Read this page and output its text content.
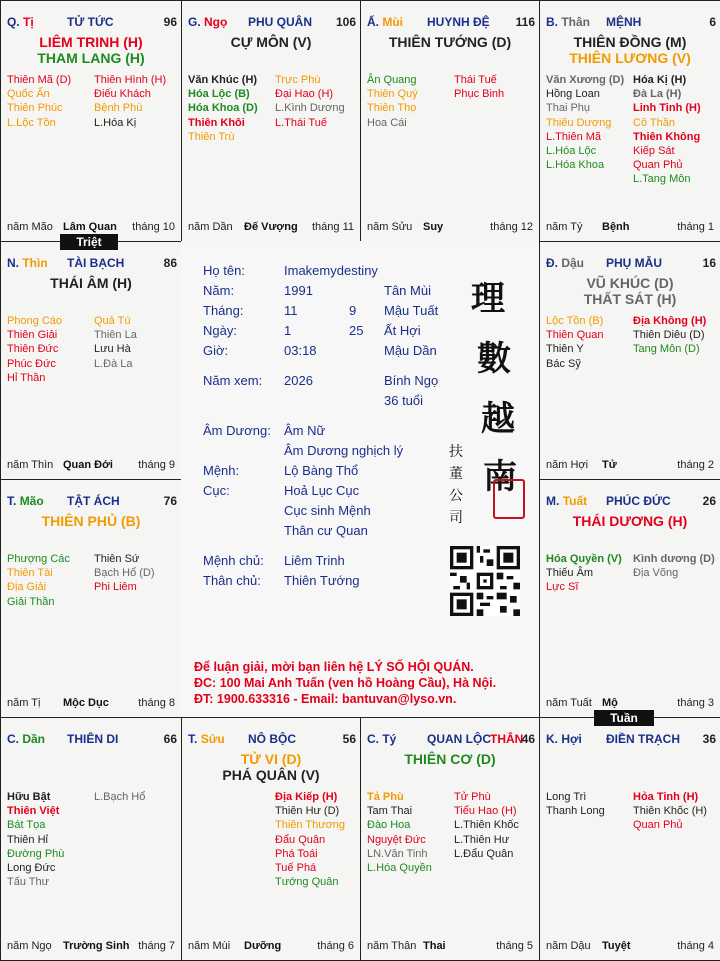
Q. Tị	TỬ TỨC	96
LIÊM TRINH (H)
THAM LANG (H)
Thiên Mã (D)
Quốc Ấn
Thiên Phúc
L.Lộc Tồn
Thiên Hình (H)
Điếu Khách
Bệnh Phù
L.Hóa Kị
năm Mão Lâm Quan tháng 10
G. Ngọ PHU QUÂN 106
CỰ MÔN (V)
Văn Khúc (H)
Hóa Lộc (B)
Hóa Khoa (D)
Thiên Khôi
Thiên Trù
Trực Phù
Đại Hao (H)
L.Kình Dương
L.Thái Tuế
năm Dần Đế Vượng tháng 11
Ấ. Mùi HUYNH ĐỆ 116
THIÊN TƯỚNG (D)
Ân Quang
Thiên Quý
Thiên Thọ
Hoa Cái
Thái Tuế
Phục Binh
năm Sửu Suy	tháng 12
B. Thân MỆNH	6
THIÊN ĐỒNG (M)
THIÊN LƯƠNG (V)
Văn Xương (D)
Hồng Loan
Thai Phụ
Thiếu Dương
L.Thiên Mã
L.Hóa Lộc
L.Hóa Khoa
Hóa Kị (H)
Đà La (H)
Linh Tinh (H)
Cô Thần
Thiên Không
Kiếp Sát
Quan Phủ
L.Tang Môn
năm Tý Bệnh	tháng 1
N. Thìn TÀI BẠCH	86
THÁI ÂM (H)
Phong Cáo
Thiên Giải
Thiên Đức
Phúc Đức
Hỉ Thần
Quả Tú
Thiên La
Lưu Hà
L.Đà La
năm Thìn Quan Đới tháng 9
Đ. Dậu PHỤ MẪU	16
VŨ KHÚC (D)
THẤT SÁT (H)
Lộc Tồn (B)
Thiên Quan
Thiên Y
Bác Sỹ
Địa Không (H)
Thiên Diêu (D)
Tang Môn (D)
năm Hợi Tử	tháng 2
T. Mão TẬT ÁCH	76
THIÊN PHỦ (B)
Phượng Các
Thiên Tài
Địa Giải
Giải Thần
Thiên Sứ
Bạch Hổ (D)
Phi Liêm
năm Tị Mộc Dục	tháng 8
M. Tuất PHÚC ĐỨC	26
THÁI DƯƠNG (H)
Hóa Quyền (V)
Thiếu Âm
Lực Sĩ
Kình dương (D)
Địa Võng
năm Tuất Mộ	tháng 3
C. Dần THIÊN DI	66
Hữu Bật
Thiên Việt
Bát Tọa
Thiên Hỉ
Đường Phù
Long Đức
Tấu Thư
L.Bạch Hổ
năm Ngọ Trường Sinh tháng 7
T. Sửu NÔ BỘC	56
TỬ VI (D)
PHÁ QUÂN (V)
Địa Kiếp (H)
Thiên Hư (D)
Thiên Thương
Đẩu Quân
Phá Toái
Tuế Phá
Tướng Quân
năm Mùi Dưỡng	tháng 6
C. Tý	QUAN LỘC THÂN
46
THIÊN CƠ (D)
Tả Phù
Tam Thai
Đào Hoa
Nguyệt Đức
LN.Văn Tinh
L.Hóa Quyền
Tử Phù
Tiểu Hao (H)
L.Thiên Khốc
L.Thiên Hư
L.Đẩu Quân
năm Thân Thai	tháng 5
K. Hợi ĐIỀN TRẠCH 36
Long Trì
Thanh Long
Hỏa Tinh (H)
Thiên Khốc (H)
Quan Phủ
năm Dậu Tuyệt	tháng 4
Họ tên:	Imakemydestiny
Năm:	1991	Tân Mùi
Tháng:	11	9 Mậu Tuất
Ngày:	1	25 Ất Hợi
Giờ:	03:18	Mậu Dần
Năm xem: 2026	Bính Ngọ
36 tuổi
Âm Dương: Âm Nữ
Âm Dương nghịch lý
Mệnh:	Lộ Bàng Thổ
Cục:	Hoả Lục Cục
Cục sinh Mệnh
Thân cư Quan
Mệnh chủ: Liêm Trinh
Thân chủ: Thiên Tướng
理
數
越
南
扶
董
公
司
Để luận giải, mời bạn liên hệ LÝ SỐ HỘI QUÁN.
ĐC: 100 Mai Anh Tuấn (ven hồ Hoàng Cầu), Hà Nội.
ĐT: 1900.633316 - Email: bantuvan@lyso.vn.
Triệt
Tuần
